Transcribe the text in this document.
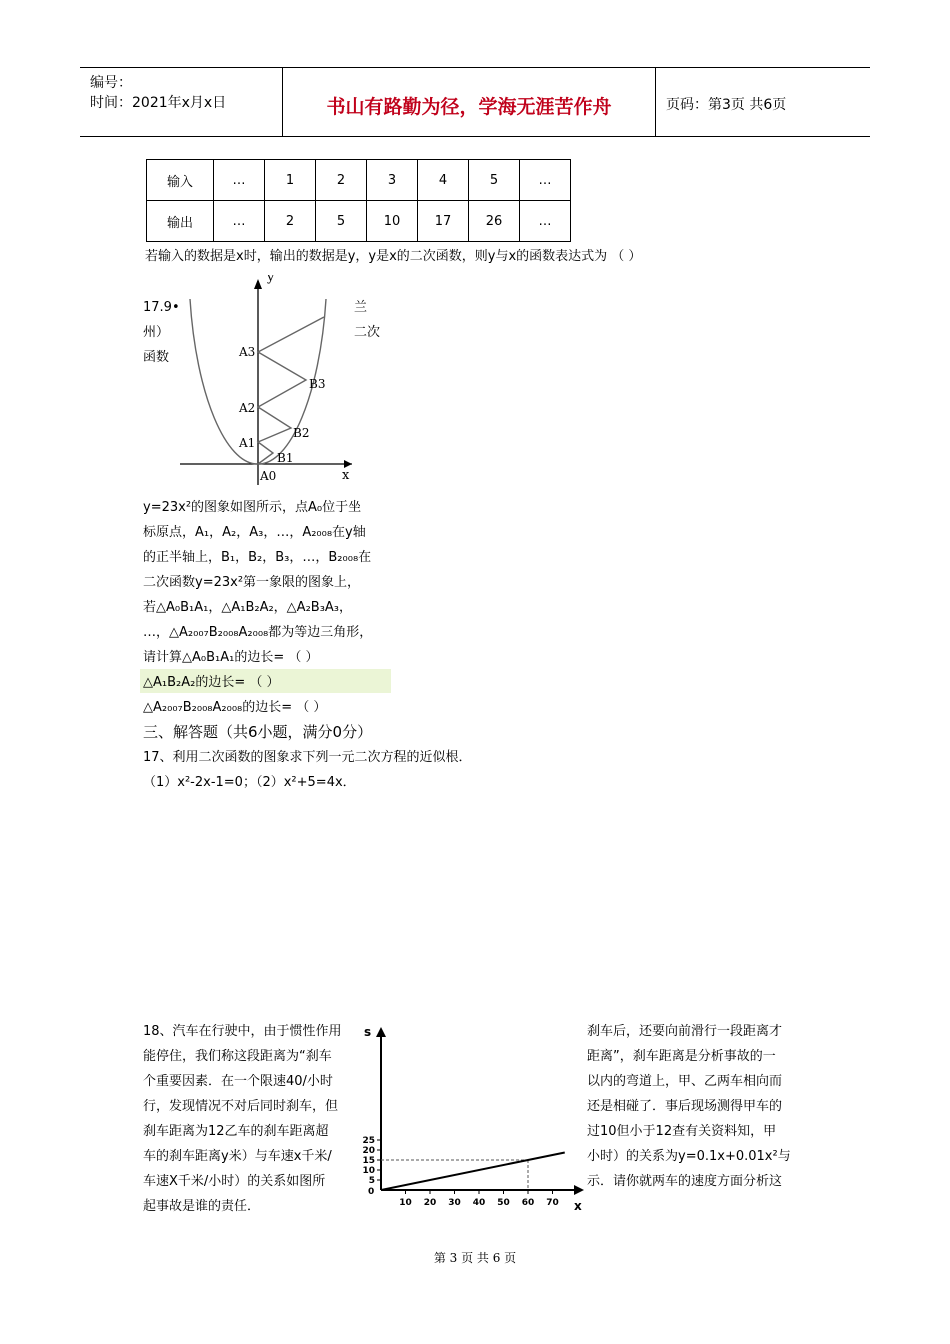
编号：
时间：2021年x月x日	书山有路勤为径，学海无涯苦作舟	页码：第3页 共6页
输入	…	1	2	3	4	5	…
输出	…	2	5	10	17	26	…
若输入的数据是x时，输出的数据是y，y是x的二次函数，则y与x的函数表达式为 （ ）
17.9•
州）
函数
兰
二次
y
x
A0
A1
A2
A3
B1
B2
B3
y=23x²的图象如图所示，点A₀位于坐
标原点，A₁，A₂，A₃，…，A₂₀₀₈在y轴
的正半轴上，B₁，B₂，B₃，…，B₂₀₀₈在
二次函数y=23x²第一象限的图象上，
若△A₀B₁A₁，△A₁B₂A₂，△A₂B₃A₃，
…，△A₂₀₀₇B₂₀₀₈A₂₀₀₈都为等边三角形，
请计算△A₀B₁A₁的边长= （ ）
△A₁B₂A₂的边长= （ ）
△A₂₀₀₇B₂₀₀₈A₂₀₀₈的边长= （ ）
三、解答题（共6小题，满分0分）
17、利用二次函数的图象求下列一元二次方程的近似根．
（1）x²-2x-1=0；（2）x²+5=4x．
18、汽车在行驶中，由于惯性作用
能停住，我们称这段距离为“刹车
个重要因素．在一个限速40/小时
行，发现情况不对后同时刹车，但
刹车距离为12乙车的刹车距离超
车的刹车距离y米）与车速x千米/
车速X千米/小时）的关系如图所
起事故是谁的责任．
刹车后，还要向前滑行一段距离才
距离”，刹车距离是分析事故的一
以内的弯道上，甲、乙两车相向而
还是相碰了．事后现场测得甲车的
过10但小于12查有关资料知，甲
小时）的关系为y=0.1x+0.01x²与
示．请你就两车的速度方面分析这
s
x
0
10 20 30 40 50 60 70
5
10
15
20
25
第 3 页 共 6 页
